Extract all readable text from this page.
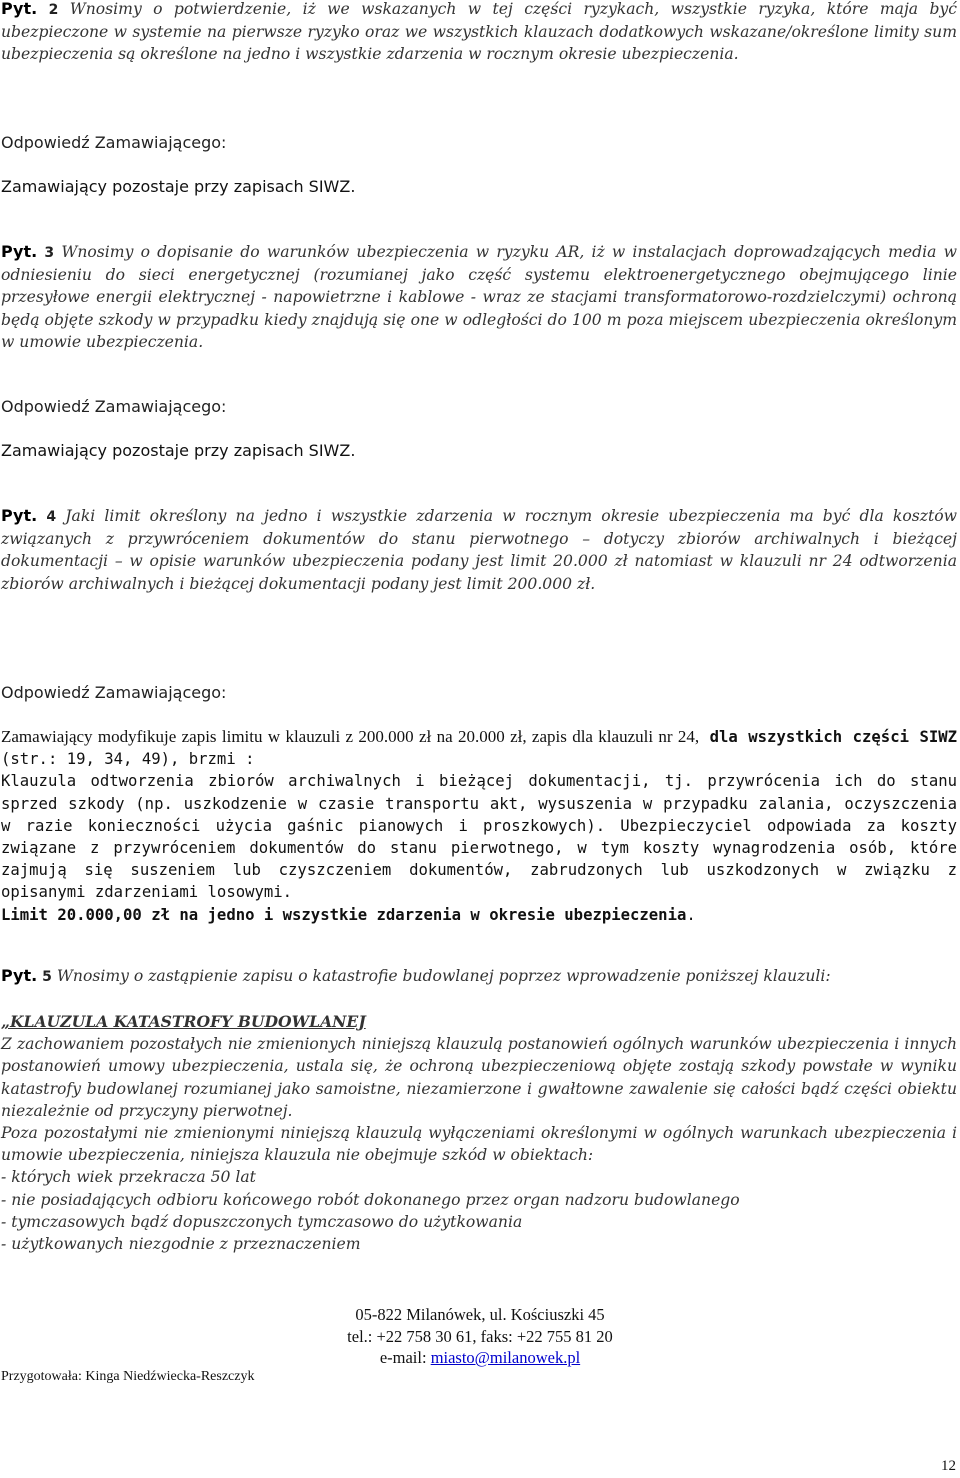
Pyt. 2 Wnosimy o potwierdzenie, iż we wskazanych w tej części ryzykach, wszystkie ryzyka, które maja być ubezpieczone w systemie na pierwsze ryzyko oraz we wszystkich klauzach dodatkowych wskazane/określone limity sum ubezpieczenia są określone na jedno i wszystkie zdarzenia w rocznym okresie ubezpieczenia.
Odpowiedź Zamawiającego:
Zamawiający pozostaje przy zapisach SIWZ.
Pyt. 3 Wnosimy o dopisanie do warunków ubezpieczenia w ryzyku AR, iż w instalacjach doprowadzających media w odniesieniu do sieci energetycznej (rozumianej jako część systemu elektroenergetycznego obejmującego linie przesyłowe energii elektrycznej - napowietrzne i kablowe - wraz ze stacjami transformatorowo-rozdzielczymi) ochroną będą objęte szkody w przypadku kiedy znajdują się one w odległości do 100 m poza miejscem ubezpieczenia określonym w umowie ubezpieczenia.
Odpowiedź Zamawiającego:
Zamawiający pozostaje przy zapisach SIWZ.
Pyt. 4 Jaki limit określony na jedno i wszystkie zdarzenia w rocznym okresie ubezpieczenia ma być dla kosztów związanych z przywróceniem dokumentów do stanu pierwotnego – dotyczy zbiorów archiwalnych i bieżącej dokumentacji – w opisie warunków ubezpieczenia podany jest limit 20.000 zł natomiast w klauzuli nr 24 odtworzenia zbiorów archiwalnych i bieżącej dokumentacji podany jest limit 200.000 zł.
Odpowiedź Zamawiającego:
Zamawiający modyfikuje zapis limitu w klauzuli z 200.000 zł na 20.000 zł, zapis dla klauzuli nr 24, dla wszystkich części SIWZ (str.: 19, 34, 49), brzmi :
Klauzula odtworzenia zbiorów archiwalnych i bieżącej dokumentacji, tj. przywrócenia ich do stanu sprzed szkody (np. uszkodzenie w czasie transportu akt, wysuszenia w przypadku zalania, oczyszczenia w razie konieczności użycia gaśnic pianowych i proszkowych). Ubezpieczyciel odpowiada za koszty związane z przywróceniem dokumentów do stanu pierwotnego, w tym koszty wynagrodzenia osób, które zajmują się suszeniem lub czyszczeniem dokumentów, zabrudzonych lub uszkodzonych w związku z opisanymi zdarzeniami losowymi.
Limit 20.000,00 zł na jedno i wszystkie zdarzenia w okresie ubezpieczenia.
Pyt. 5 Wnosimy o zastąpienie zapisu o katastrofie budowlanej poprzez wprowadzenie poniższej klauzuli:
„KLAUZULA KATASTROFY BUDOWLANEJ
Z zachowaniem pozostałych nie zmienionych niniejszą klauzulą postanowień ogólnych warunków ubezpieczenia i innych postanowień umowy ubezpieczenia, ustala się, że ochroną ubezpieczeniową objęte zostają szkody powstałe w wyniku katastrofy budowlanej rozumianej jako samoistne, niezamierzone i gwałtowne zawalenie się całości bądź części obiektu niezależnie od przyczyny pierwotnej.
Poza pozostałymi nie zmienionymi niniejszą klauzulą wyłączeniami określonymi w ogólnych warunkach ubezpieczenia i umowie ubezpieczenia, niniejsza klauzula nie obejmuje szkód w obiektach:
- których wiek przekracza 50 lat
- nie posiadających odbioru końcowego robót dokonanego przez organ nadzoru budowlanego
- tymczasowych bądź dopuszczonych tymczasowo do użytkowania
- użytkowanych niezgodnie z przeznaczeniem
05-822 Milanówek, ul. Kościuszki 45
tel.: +22 758 30 61, faks: +22 755 81 20
e-mail: miasto@milanowek.pl
Przygotowała: Kinga Niedźwiecka-Reszczyk
12
